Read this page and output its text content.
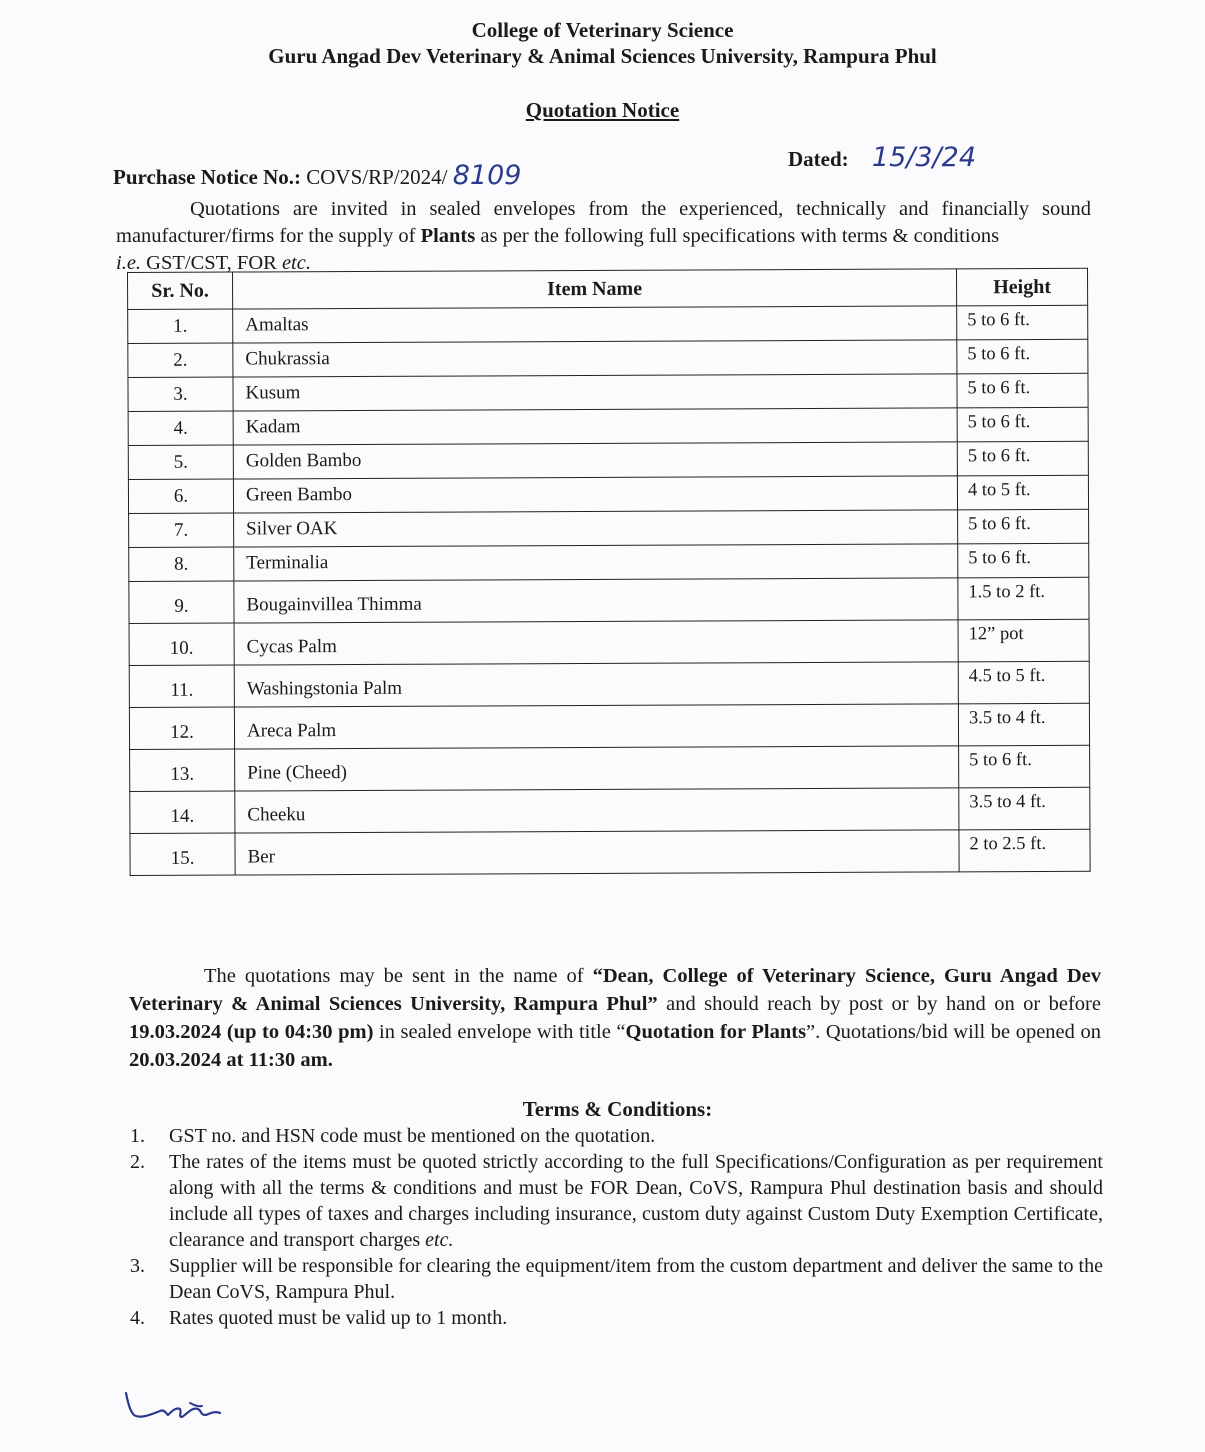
College of Veterinary Science
Guru Angad Dev Veterinary & Animal Sciences University, Rampura Phul
Quotation Notice
Purchase Notice No.: COVS/RP/2024/ 8109
Dated: 15/3/24
Quotations are invited in sealed envelopes from the experienced, technically and financially sound manufacturer/firms for the supply of Plants as per the following full specifications with terms & conditions
i.e. GST/CST, FOR etc.
Sr. No.	Item Name	Height
1.	Amaltas	5 to 6 ft.
2.	Chukrassia	5 to 6 ft.
3.	Kusum	5 to 6 ft.
4.	Kadam	5 to 6 ft.
5.	Golden Bambo	5 to 6 ft.
6.	Green Bambo	4 to 5 ft.
7.	Silver OAK	5 to 6 ft.
8.	Terminalia	5 to 6 ft.
9.	Bougainvillea Thimma	1.5 to 2 ft.
10.	Cycas Palm	12” pot
11.	Washingstonia Palm	4.5 to 5 ft.
12.	Areca Palm	3.5 to 4 ft.
13.	Pine (Cheed)	5 to 6 ft.
14.	Cheeku	3.5 to 4 ft.
15.	Ber	2 to 2.5 ft.
The quotations may be sent in the name of “Dean, College of Veterinary Science, Guru Angad Dev Veterinary & Animal Sciences University, Rampura Phul” and should reach by post or by hand on or before 19.03.2024 (up to 04:30 pm) in sealed envelope with title “Quotation for Plants”. Quotations/bid will be opened on 20.03.2024 at 11:30 am.
Terms & Conditions:
1. GST no. and HSN code must be mentioned on the quotation.
2. The rates of the items must be quoted strictly according to the full Specifications/Configuration as per requirement along with all the terms & conditions and must be FOR Dean, CoVS, Rampura Phul destination basis and should include all types of taxes and charges including insurance, custom duty against Custom Duty Exemption Certificate, clearance and transport charges etc.
3. Supplier will be responsible for clearing the equipment/item from the custom department and deliver the same to the Dean CoVS, Rampura Phul.
4. Rates quoted must be valid up to 1 month.
